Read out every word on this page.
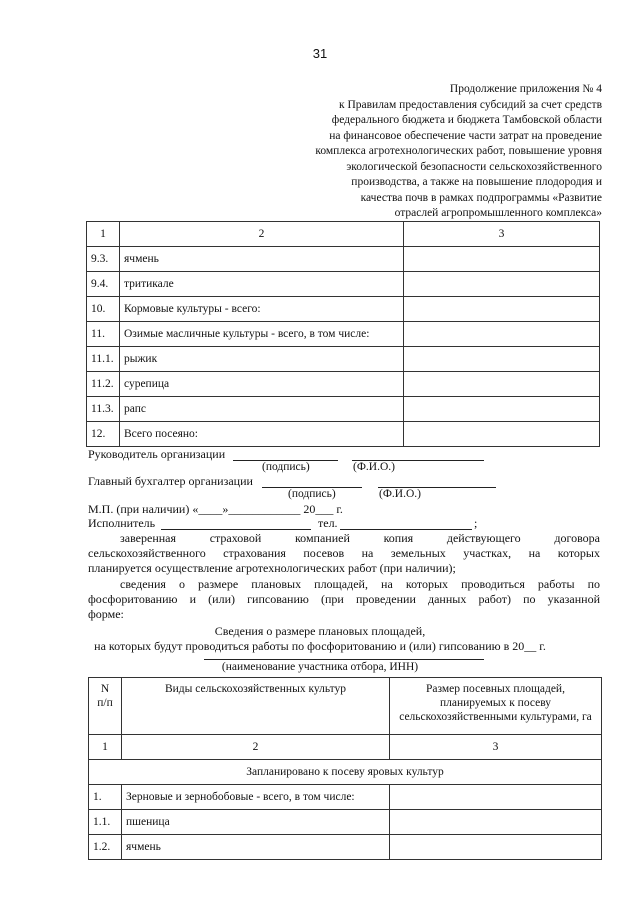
31
Продолжение приложения № 4
к Правилам предоставления субсидий за счет средств
федерального бюджета и бюджета Тамбовской области
на финансовое обеспечение части затрат на проведение
комплекса агротехнологических работ, повышение уровня
экологической безопасности сельскохозяйственного
производства, а также на повышение плодородия и
качества почв в рамках подпрограммы «Развитие
отраслей агропромышленного комплекса»
1	2	3
9.3.	ячмень	
9.4.	тритикале	
10.	Кормовые культуры - всего:	
11.	Озимые масличные культуры - всего, в том числе:	
11.1.	рыжик	
11.2.	сурепица	
11.3.	рапс	
12.	Всего посеяно:	
Руководитель организации
(подпись)	(Ф.И.О.)
Главный бухгалтер организации
(подпись)	(Ф.И.О.)
М.П. (при наличии) «____»____________ 20___ г.
Исполнитель	тел.	;
заверенная страховой компанией копия действующего договора
сельскохозяйственного страхования посевов на земельных участках, на которых
планируется осуществление агротехнологических работ (при наличии);
сведения о размере плановых площадей, на которых проводиться работы по
фосфоритованию и (или) гипсованию (при проведении данных работ) по указанной
форме:
Сведения о размере плановых площадей,
на которых будут проводиться работы по фосфоритованию и (или) гипсованию в 20__ г.
(наименование участника отбора, ИНН)
N
п/п	Виды сельскохозяйственных культур	Размер посевных площадей,
планируемых к посеву
сельскохозяйственными культурами, га
1	2	3
Запланировано к посеву яровых культур		
1.	Зерновые и зернобобовые - всего, в том числе:	
1.1.	пшеница	
1.2.	ячмень	
